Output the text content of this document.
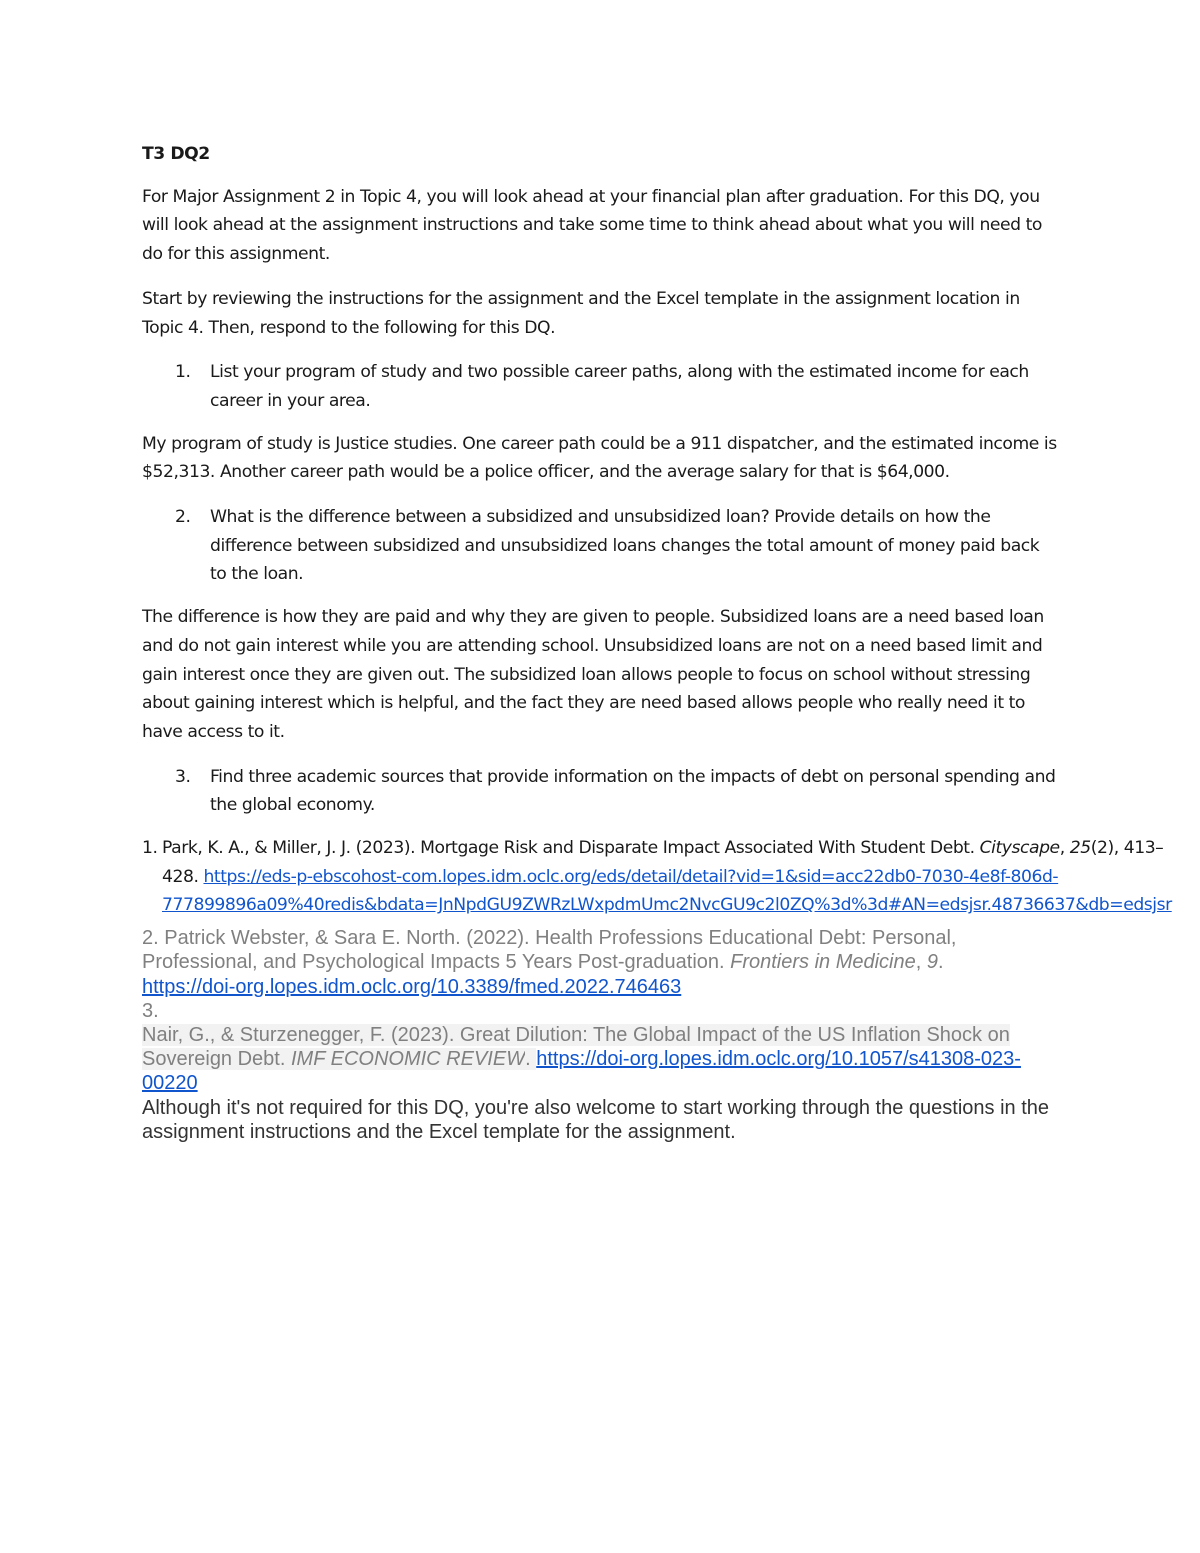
T3 DQ2

For Major Assignment 2 in Topic 4, you will look ahead at your financial plan after graduation. For this DQ, you will look ahead at the assignment instructions and take some time to think ahead about what you will need to do for this assignment.

Start by reviewing the instructions for the assignment and the Excel template in the assignment location in Topic 4. Then, respond to the following for this DQ.

1.	List your program of study and two possible career paths, along with the estimated income for each career in your area.

My program of study is Justice studies. One career path could be a 911 dispatcher, and the estimated income is $52,313. Another career path would be a police officer, and the average salary for that is $64,000.

2.	What is the difference between a subsidized and unsubsidized loan? Provide details on how the difference between subsidized and unsubsidized loans changes the total amount of money paid back to the loan.

The difference is how they are paid and why they are given to people. Subsidized loans are a need based loan and do not gain interest while you are attending school. Unsubsidized loans are not on a need based limit and gain interest once they are given out. The subsidized loan allows people to focus on school without stressing about gaining interest which is helpful, and the fact they are need based allows people who really need it to have access to it.

3.	Find three academic sources that provide information on the impacts of debt on personal spending and the global economy.
1. Park, K. A., & Miller, J. J. (2023). Mortgage Risk and Disparate Impact Associated With Student Debt. Cityscape, 25(2), 413–428. https://eds-p-ebscohost-com.lopes.idm.oclc.org/eds/detail/detail?vid=1&sid=acc22db0-7030-4e8f-806d-777899896a09%40redis&bdata=JnNpdGU9ZWRzLWxpdmUmc2NvcGU9c2l0ZQ%3d%3d#AN=edsjsr.48736637&db=edsjsr
2. Patrick Webster, & Sara E. North. (2022). Health Professions Educational Debt: Personal, Professional, and Psychological Impacts 5 Years Post-graduation. Frontiers in Medicine, 9.
https://doi-org.lopes.idm.oclc.org/10.3389/fmed.2022.746463
3.
Nair, G., & Sturzenegger, F. (2023). Great Dilution: The Global Impact of the US Inflation Shock on Sovereign Debt. IMF ECONOMIC REVIEW. https://doi-org.lopes.idm.oclc.org/10.1057/s41308-023-00220

Although it's not required for this DQ, you're also welcome to start working through the questions in the assignment instructions and the Excel template for the assignment.
